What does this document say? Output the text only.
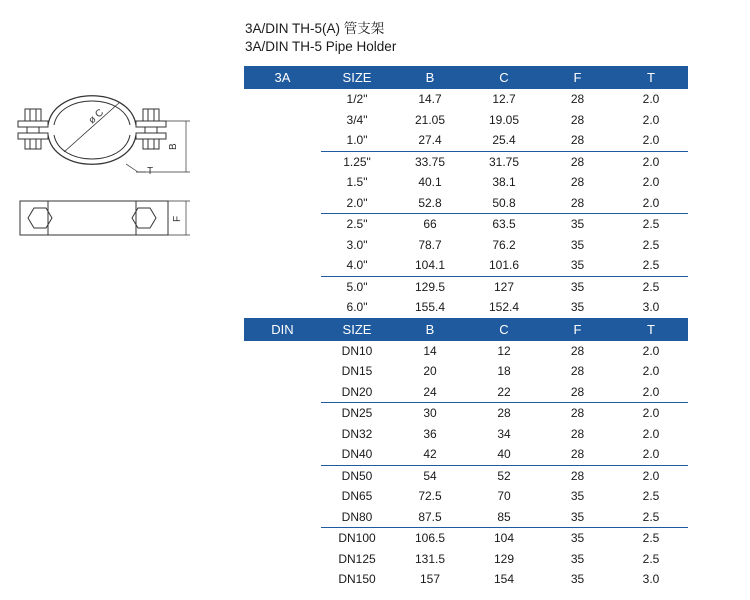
3A/DIN TH-5(A) 管支架
3A/DIN TH-5 Pipe Holder
ø C
B
T
F
3A	SIZE	B	C	F	T
	1/2"	14.7	12.7	28	2.0
	3/4"	21.05	19.05	28	2.0
	1.0"	27.4	25.4	28	2.0
	1.25"	33.75	31.75	28	2.0
	1.5"	40.1	38.1	28	2.0
	2.0"	52.8	50.8	28	2.0
	2.5"	66	63.5	35	2.5
	3.0"	78.7	76.2	35	2.5
	4.0"	104.1	101.6	35	2.5
	5.0"	129.5	127	35	2.5
	6.0"	155.4	152.4	35	3.0
DIN	SIZE	B	C	F	T
	DN10	14	12	28	2.0
	DN15	20	18	28	2.0
	DN20	24	22	28	2.0
	DN25	30	28	28	2.0
	DN32	36	34	28	2.0
	DN40	42	40	28	2.0
	DN50	54	52	28	2.0
	DN65	72.5	70	35	2.5
	DN80	87.5	85	35	2.5
	DN100	106.5	104	35	2.5
	DN125	131.5	129	35	2.5
	DN150	157	154	35	3.0
